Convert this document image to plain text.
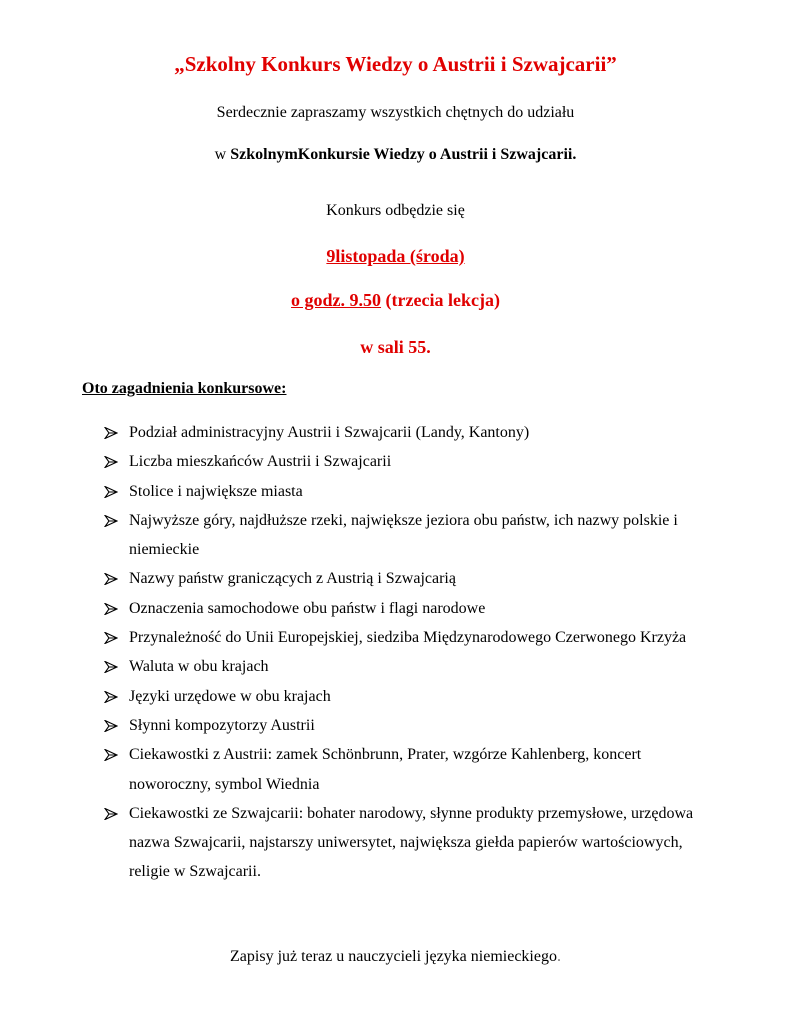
„Szkolny Konkurs Wiedzy o Austrii i Szwajcarii”
Serdecznie zapraszamy wszystkich chętnych do udziału
w SzkolnymKonkursie Wiedzy o Austrii i Szwajcarii.
Konkurs odbędzie się
9listopada (środa)
o godz. 9.50 (trzecia lekcja)
w sali 55.
Oto zagadnienia konkursowe:
Podział administracyjny Austrii i Szwajcarii (Landy, Kantony)
Liczba mieszkańców Austrii i Szwajcarii
Stolice i największe miasta
Najwyższe góry, najdłuższe rzeki, największe jeziora obu państw, ich nazwy polskie i niemieckie
Nazwy państw graniczących z Austrią i Szwajcarią
Oznaczenia samochodowe obu państw i flagi narodowe
Przynależność do Unii Europejskiej, siedziba Międzynarodowego Czerwonego Krzyża
Waluta w obu krajach
Języki urzędowe w obu krajach
Słynni kompozytorzy Austrii
Ciekawostki z Austrii: zamek Schönbrunn, Prater, wzgórze Kahlenberg, koncert noworoczny, symbol Wiednia
Ciekawostki ze Szwajcarii: bohater narodowy, słynne produkty przemysłowe, urzędowa nazwa Szwajcarii, najstarszy uniwersytet, największa giełda papierów wartościowych, religie w Szwajcarii.
Zapisy już teraz u nauczycieli języka niemieckiego.
